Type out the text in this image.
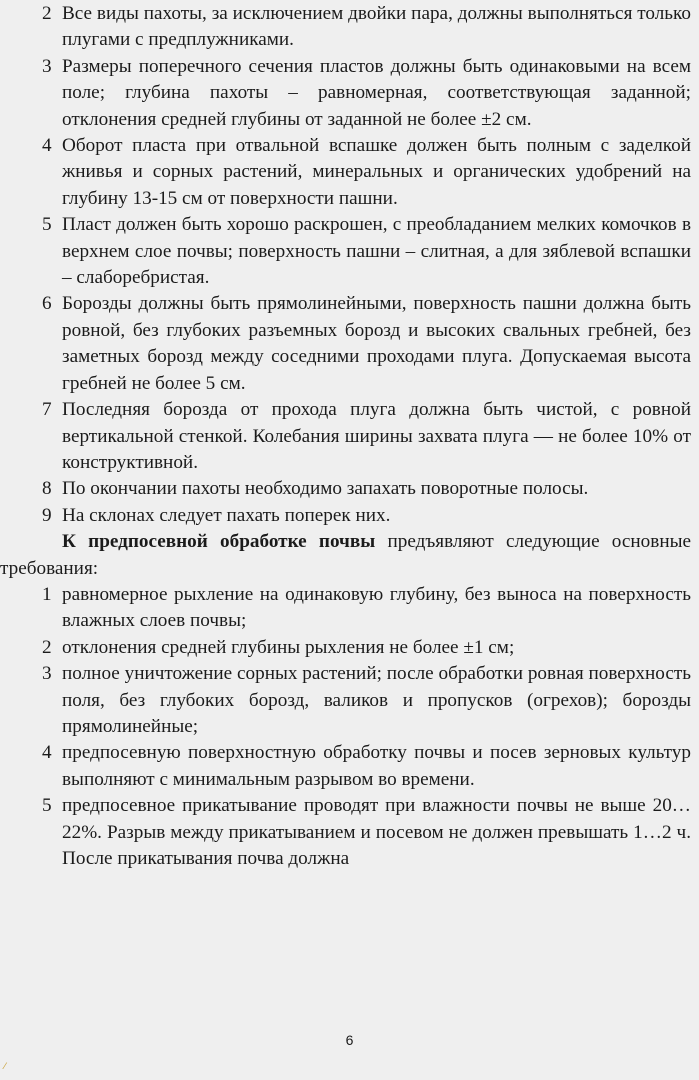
2 Все виды пахоты, за исключением двойки пара, должны выполняться только плугами с предплужниками.
3 Размеры поперечного сечения пластов должны быть одинаковыми на всем поле; глубина пахоты – равномерная, соответствующая заданной; отклонения средней глубины от заданной не более ±2 см.
4 Оборот пласта при отвальной вспашке должен быть полным с заделкой жнивья и сорных растений, минеральных и органических удобрений на глубину 13-15 см от поверхности пашни.
5 Пласт должен быть хорошо раскрошен, с преобладанием мелких комочков в верхнем слое почвы; поверхность пашни – слитная, а для зяблевой вспашки – слаборебристая.
6 Борозды должны быть прямолинейными, поверхность пашни должна быть ровной, без глубоких разъемных борозд и высоких свальных гребней, без заметных борозд между соседними проходами плуга. Допускаемая высота гребней не более 5 см.
7 Последняя борозда от прохода плуга должна быть чистой, с ровной вертикальной стенкой. Колебания ширины захвата плуга — не более 10% от конструктивной.
8 По окончании пахоты необходимо запахать поворотные полосы.
9 На склонах следует пахать поперек них.

К предпосевной обработке почвы предъявляют следующие основные требования:

1 равномерное рыхление на одинаковую глубину, без выноса на поверхность влажных слоев почвы;
2 отклонения средней глубины рыхления не более ±1 см;
3 полное уничтожение сорных растений; после обработки ровная поверхность поля, без глубоких борозд, валиков и пропусков (огрехов); борозды прямолинейные;
4 предпосевную поверхностную обработку почвы и посев зерновых культур выполняют с минимальным разрывом во времени.
5 предпосевное прикатывание проводят при влажности почвы не выше 20…22%. Разрыв между прикатыванием и посевом не должен превышать 1…2 ч. После прикатывания почва должна
6
⁄
